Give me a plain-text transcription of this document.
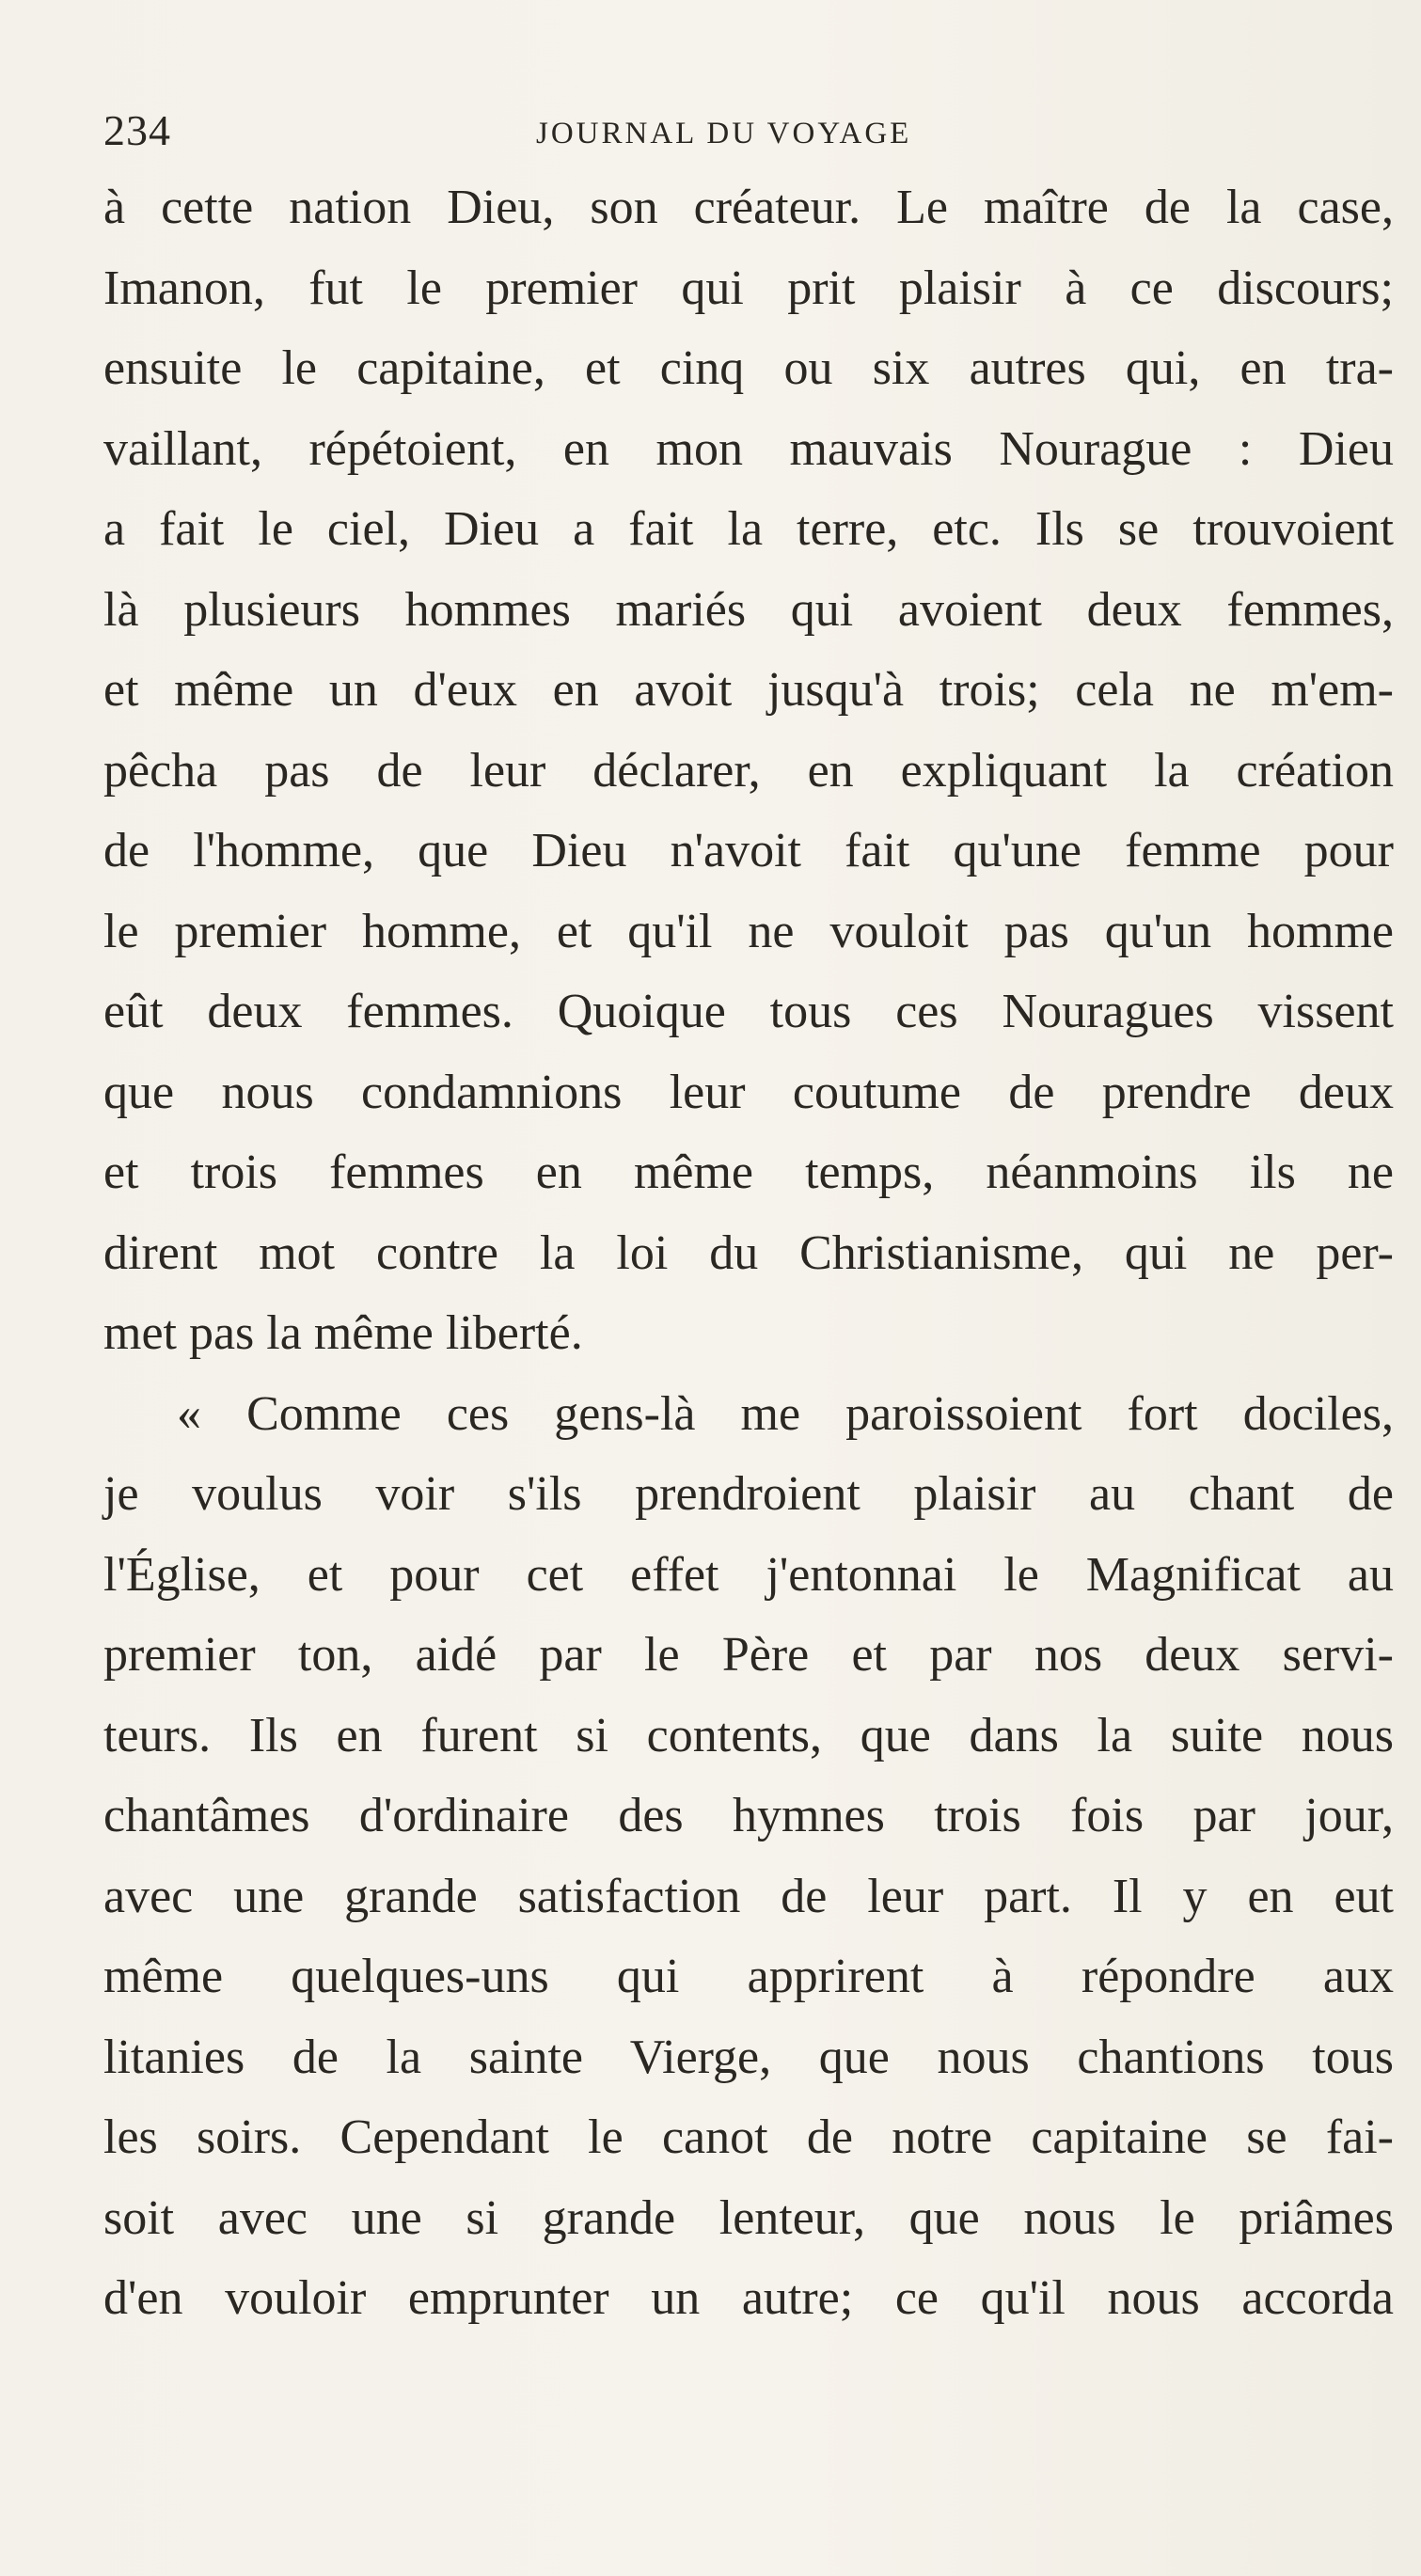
234	JOURNAL DU VOYAGE
à cette nation Dieu, son créateur. Le maître de la case,
Imanon, fut le premier qui prit plaisir à ce discours;
ensuite le capitaine, et cinq ou six autres qui, en tra-
vaillant, répétoient, en mon mauvais Nourague : Dieu
a fait le ciel, Dieu a fait la terre, etc. Ils se trouvoient
là plusieurs hommes mariés qui avoient deux femmes,
et même un d'eux en avoit jusqu'à trois; cela ne m'em-
pêcha pas de leur déclarer, en expliquant la création
de l'homme, que Dieu n'avoit fait qu'une femme pour
le premier homme, et qu'il ne vouloit pas qu'un homme
eût deux femmes. Quoique tous ces Nouragues vissent
que nous condamnions leur coutume de prendre deux
et trois femmes en même temps, néanmoins ils ne
dirent mot contre la loi du Christianisme, qui ne per-
met pas la même liberté.
« Comme ces gens-là me paroissoient fort dociles,
je voulus voir s'ils prendroient plaisir au chant de
l'Église, et pour cet effet j'entonnai le Magnificat au
premier ton, aidé par le Père et par nos deux servi-
teurs. Ils en furent si contents, que dans la suite nous
chantâmes d'ordinaire des hymnes trois fois par jour,
avec une grande satisfaction de leur part. Il y en eut
même quelques-uns qui apprirent à répondre aux
litanies de la sainte Vierge, que nous chantions tous
les soirs. Cependant le canot de notre capitaine se fai-
soit avec une si grande lenteur, que nous le priâmes
d'en vouloir emprunter un autre; ce qu'il nous accorda
